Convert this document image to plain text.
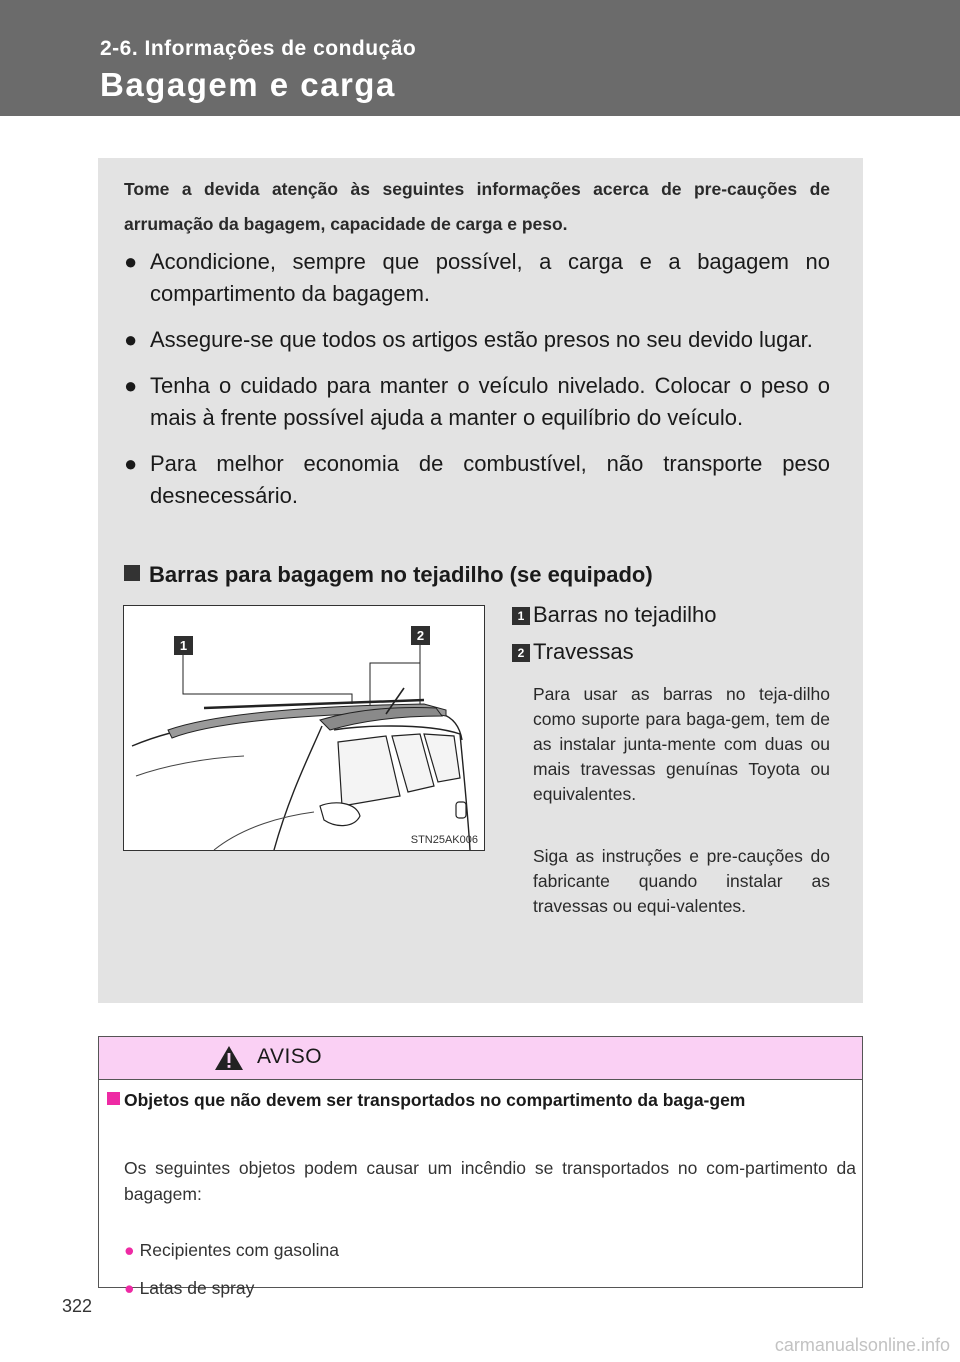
2-6. Informações de condução
Bagagem e carga
Tome a devida atenção às seguintes informações acerca de pre-cauções de arrumação da bagagem, capacidade de carga e peso.
● Acondicione, sempre que possível, a carga e a bagagem no compartimento da bagagem.
● Assegure-se que todos os artigos estão presos no seu devido lugar.
● Tenha o cuidado para manter o veículo nivelado. Colocar o peso o mais à frente possível ajuda a manter o equilíbrio do veículo.
● Para melhor economia de combustível, não transporte peso desnecessário.
Barras para bagagem no tejadilho (se equipado)
1
2
STN25AK006
1 Barras no tejadilho
2 Travessas
Para usar as barras no teja-dilho como suporte para baga-gem, tem de as instalar junta-mente com duas ou mais travessas genuínas Toyota ou equivalentes.
Siga as instruções e pre-cauções do fabricante quando instalar as travessas ou equi-valentes.
AVISO
Objetos que não devem ser transportados no compartimento da baga-gem
Os seguintes objetos podem causar um incêndio se transportados no com-partimento da bagagem:
● Recipientes com gasolina
● Latas de spray
322
carmanualsonline.info
